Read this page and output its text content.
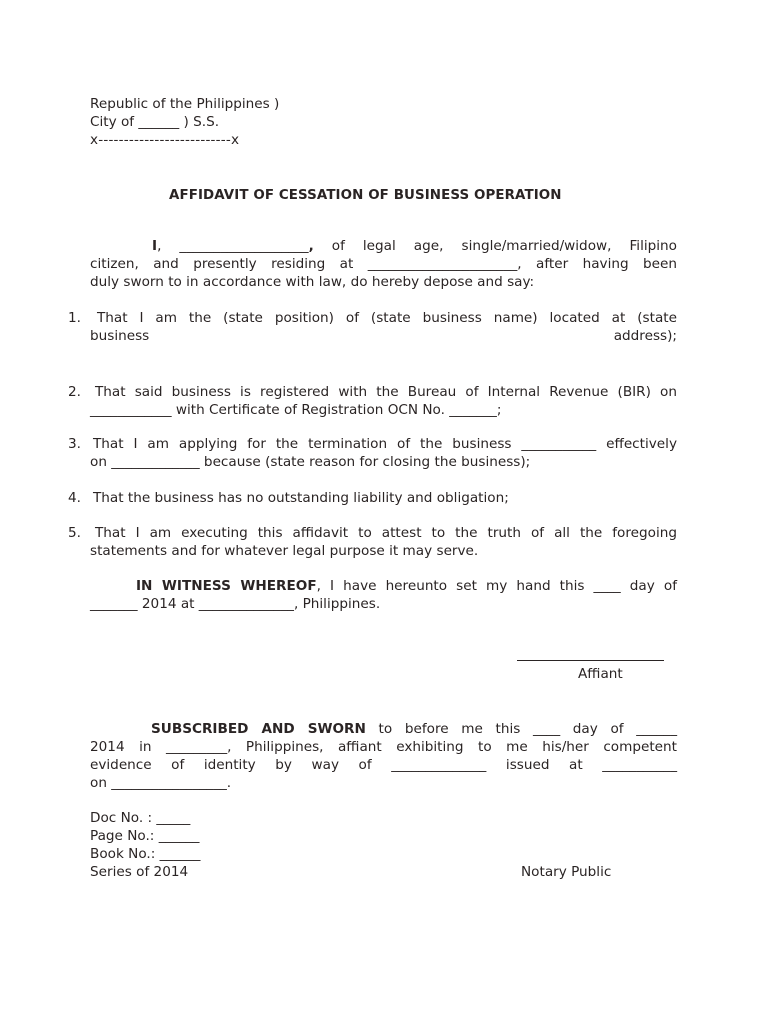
Republic of the Philippines )
City of ______ ) S.S.
x--------------------------x
AFFIDAVIT OF CESSATION OF BUSINESS OPERATION
I, ___________________, of legal age, single/married/widow, Filipino
citizen, and presently residing at ______________________, after having been
duly sworn to in accordance with law, do hereby depose and say:
1.	That I am the (state position) of (state business name) located at (state
business	address);
2.	That said business is registered with the Bureau of Internal Revenue (BIR) on
____________ with Certificate of Registration OCN No. _______;
3. That I am applying for the termination of the business ___________ effectively
on _____________ because (state reason for closing the business);
4. That the business has no outstanding liability and obligation;
5.	That I am executing this affidavit to attest to the truth of all the foregoing
statements and for whatever legal purpose it may serve.
IN WITNESS WHEREOF, I have hereunto set my hand this ____ day of
_______ 2014 at ______________, Philippines.
Affiant
SUBSCRIBED AND SWORN to before me this ____ day of ______
2014 in _________, Philippines, affiant exhibiting to me his/her competent
evidence of identity by way of ______________ issued at ___________
on _________________.
Doc No. : _____
Page No.: ______
Book No.: ______
Series of 2014	Notary Public
